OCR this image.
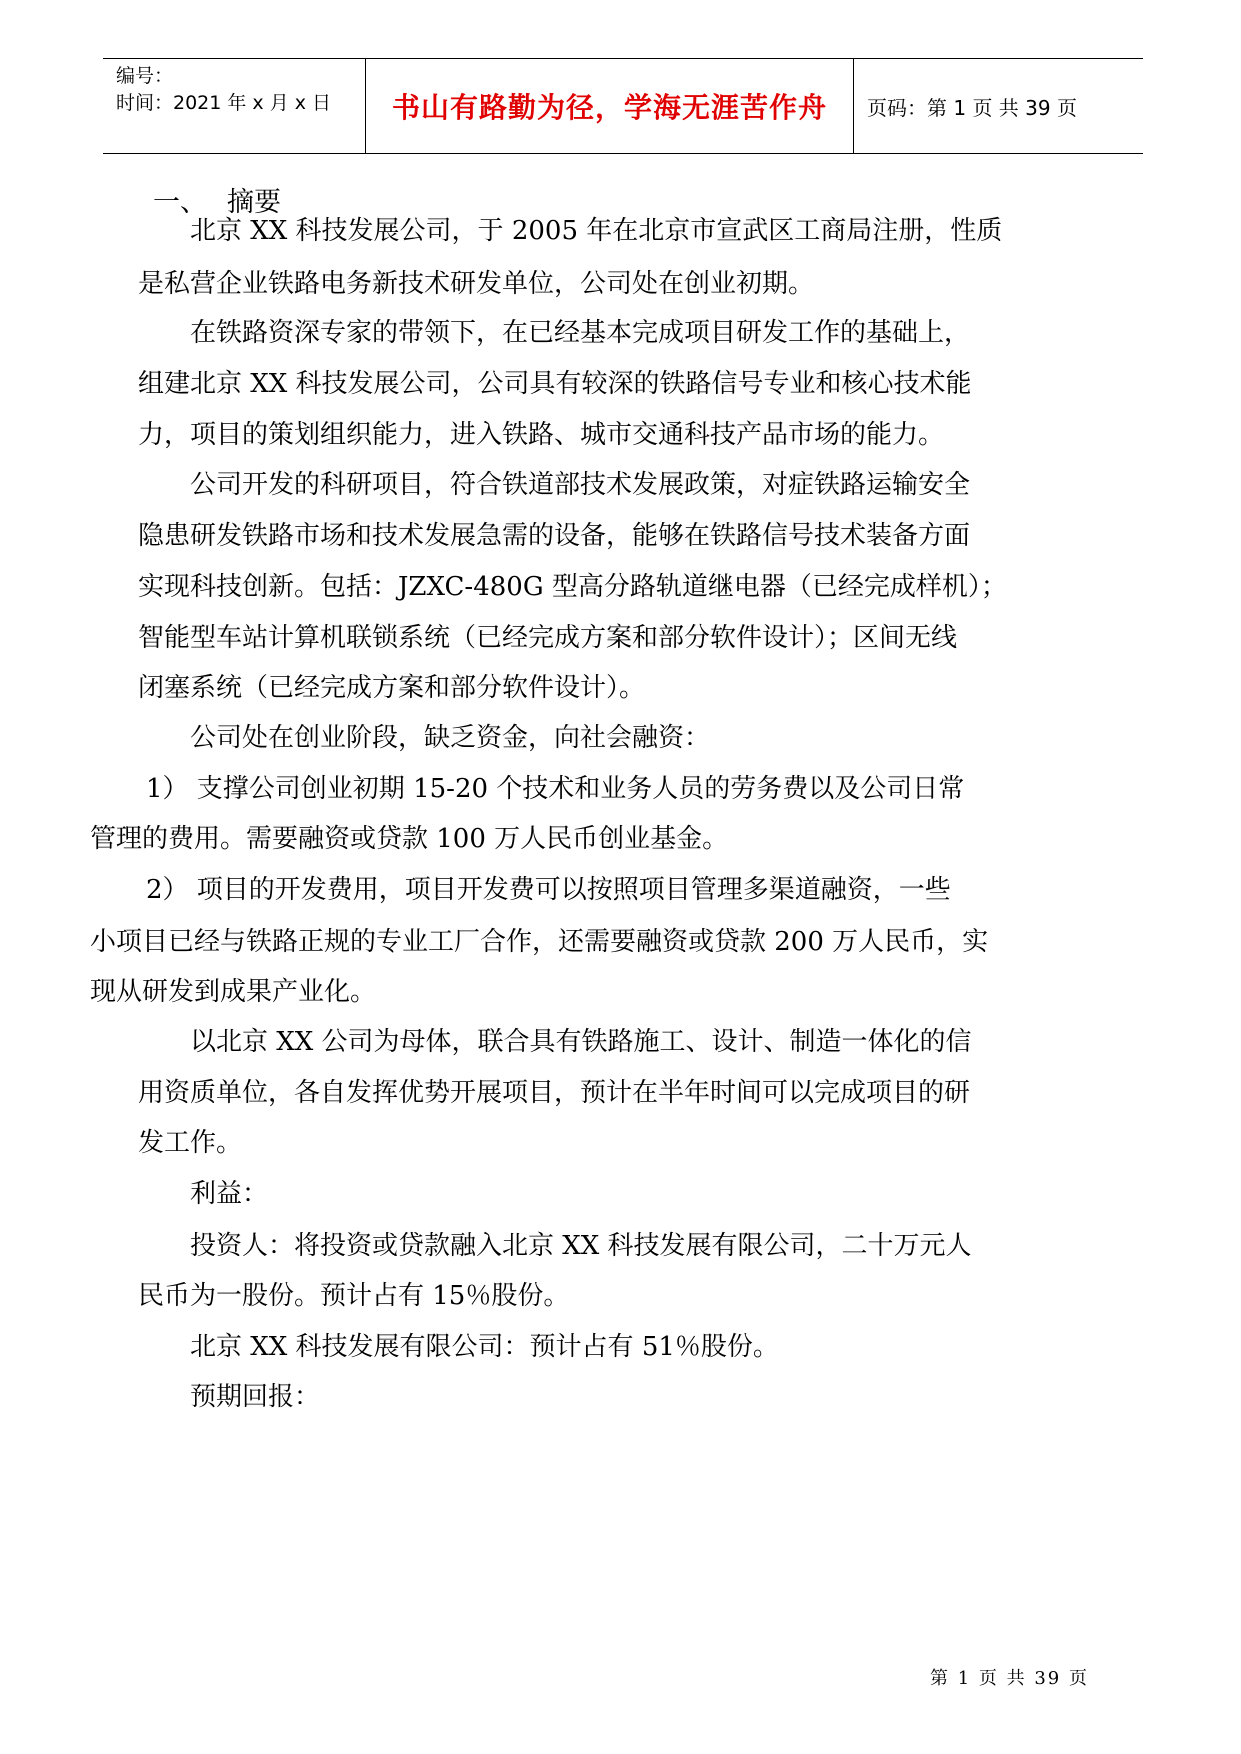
编号：
时间：2021 年 x 月 x 日	书山有路勤为径，学海无涯苦作舟	页码：第 1 页 共 39 页
一、 摘要
北京 XX 科技发展公司，于 2005 年在北京市宣武区工商局注册，性质
是私营企业铁路电务新技术研发单位，公司处在创业初期。
在铁路资深专家的带领下，在已经基本完成项目研发工作的基础上，
组建北京 XX 科技发展公司，公司具有较深的铁路信号专业和核心技术能
力，项目的策划组织能力，进入铁路、城市交通科技产品市场的能力。
公司开发的科研项目，符合铁道部技术发展政策，对症铁路运输安全
隐患研发铁路市场和技术发展急需的设备，能够在铁路信号技术装备方面
实现科技创新。包括：JZXC-480G 型高分路轨道继电器（已经完成样机）；
智能型车站计算机联锁系统（已经完成方案和部分软件设计）；区间无线
闭塞系统（已经完成方案和部分软件设计）。
公司处在创业阶段，缺乏资金，向社会融资：
1） 支撑公司创业初期 15-20 个技术和业务人员的劳务费以及公司日常
管理的费用。需要融资或贷款 100 万人民币创业基金。
2） 项目的开发费用，项目开发费可以按照项目管理多渠道融资，一些
小项目已经与铁路正规的专业工厂合作，还需要融资或贷款 200 万人民币，实
现从研发到成果产业化。
以北京 XX 公司为母体，联合具有铁路施工、设计、制造一体化的信
用资质单位，各自发挥优势开展项目，预计在半年时间可以完成项目的研
发工作。
利益：
投资人：将投资或贷款融入北京 XX 科技发展有限公司，二十万元人
民币为一股份。预计占有 15％股份。
北京 XX 科技发展有限公司：预计占有 51％股份。
预期回报：
第 1 页 共 39 页
